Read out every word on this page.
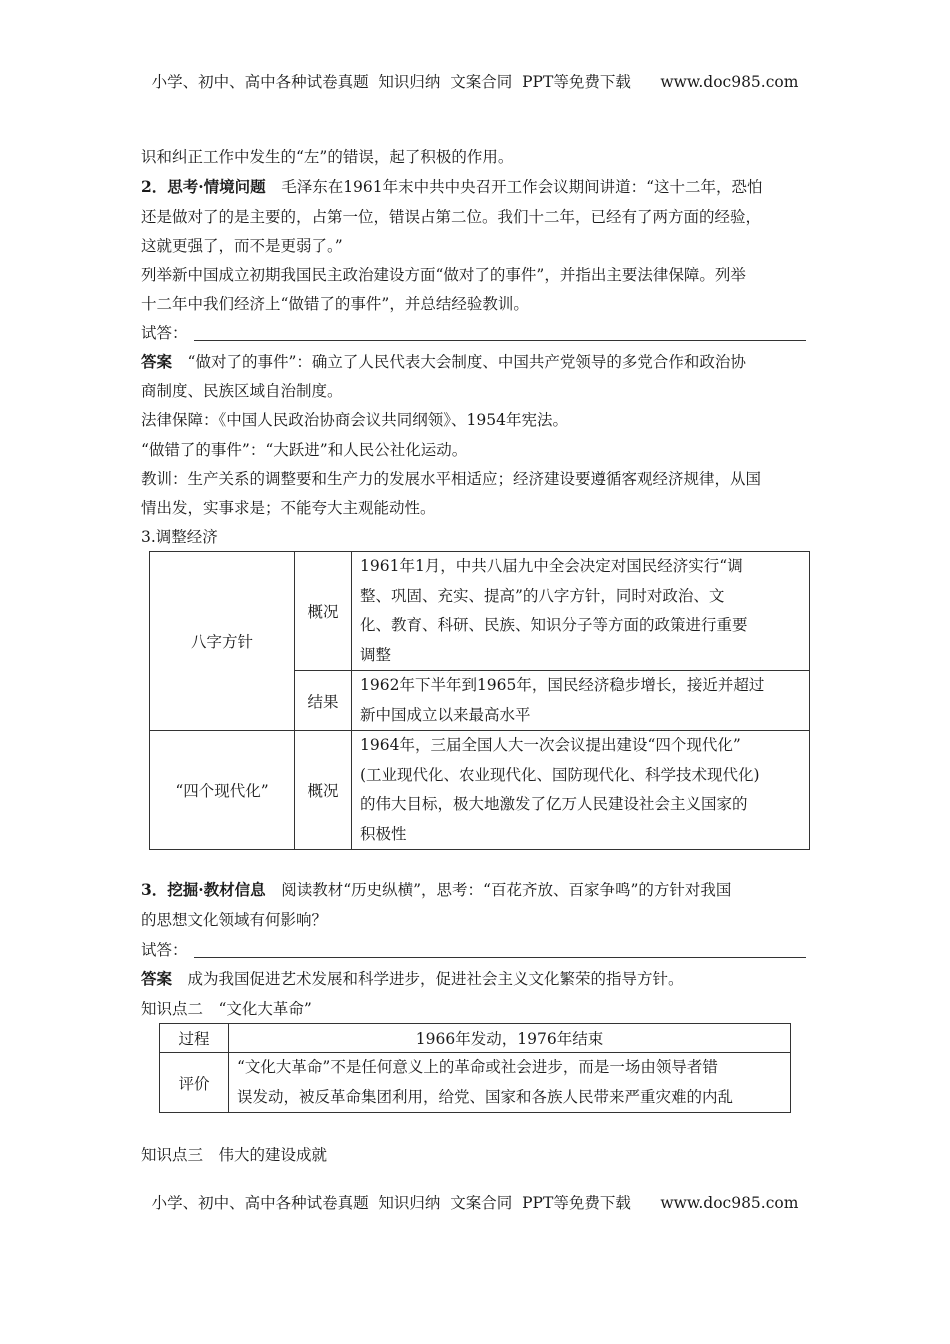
小学、初中、高中各种试卷真题  知识归纳  文案合同  PPT等免费下载      www.doc985.com
识和纠正工作中发生的“左”的错误，起了积极的作用。
2．思考·情境问题　毛泽东在1961年末中共中央召开工作会议期间讲道：“这十二年，恐怕
还是做对了的是主要的，占第一位，错误占第二位。我们十二年，已经有了两方面的经验，
这就更强了，而不是更弱了。”
列举新中国成立初期我国民主政治建设方面“做对了的事件”，并指出主要法律保障。列举
十二年中我们经济上“做错了的事件”，并总结经验教训。
试答：
答案　“做对了的事件”：确立了人民代表大会制度、中国共产党领导的多党合作和政治协
商制度、民族区域自治制度。
法律保障：《中国人民政治协商会议共同纲领》、1954年宪法。
“做错了的事件”：“大跃进”和人民公社化运动。
教训：生产关系的调整要和生产力的发展水平相适应；经济建设要遵循客观经济规律，从国
情出发，实事求是；不能夸大主观能动性。
3.调整经济
八字方针	概况	1961年1月，中共八届九中全会决定对国民经济实行“调
整、巩固、充实、提高”的八字方针，同时对政治、文
化、教育、科研、民族、知识分子等方面的政策进行重要
调整

	结果	1962年下半年到1965年，国民经济稳步增长，接近并超过
新中国成立以来最高水平

“四个现代化”	概况	1964年，三届全国人大一次会议提出建设“四个现代化”
(工业现代化、农业现代化、国防现代化、科学技术现代化)
的伟大目标，极大地激发了亿万人民建设社会主义国家的
积极性
3．挖掘·教材信息　阅读教材“历史纵横”，思考：“百花齐放、百家争鸣”的方针对我国
的思想文化领域有何影响？
试答：
答案　成为我国促进艺术发展和科学进步，促进社会主义文化繁荣的指导方针。
知识点二　“文化大革命”
过程	1966年发动，1976年结束
评价	“文化大革命”不是任何意义上的革命或社会进步，而是一场由领导者错
误发动，被反革命集团利用，给党、国家和各族人民带来严重灾难的内乱
知识点三　伟大的建设成就
小学、初中、高中各种试卷真题  知识归纳  文案合同  PPT等免费下载      www.doc985.com
